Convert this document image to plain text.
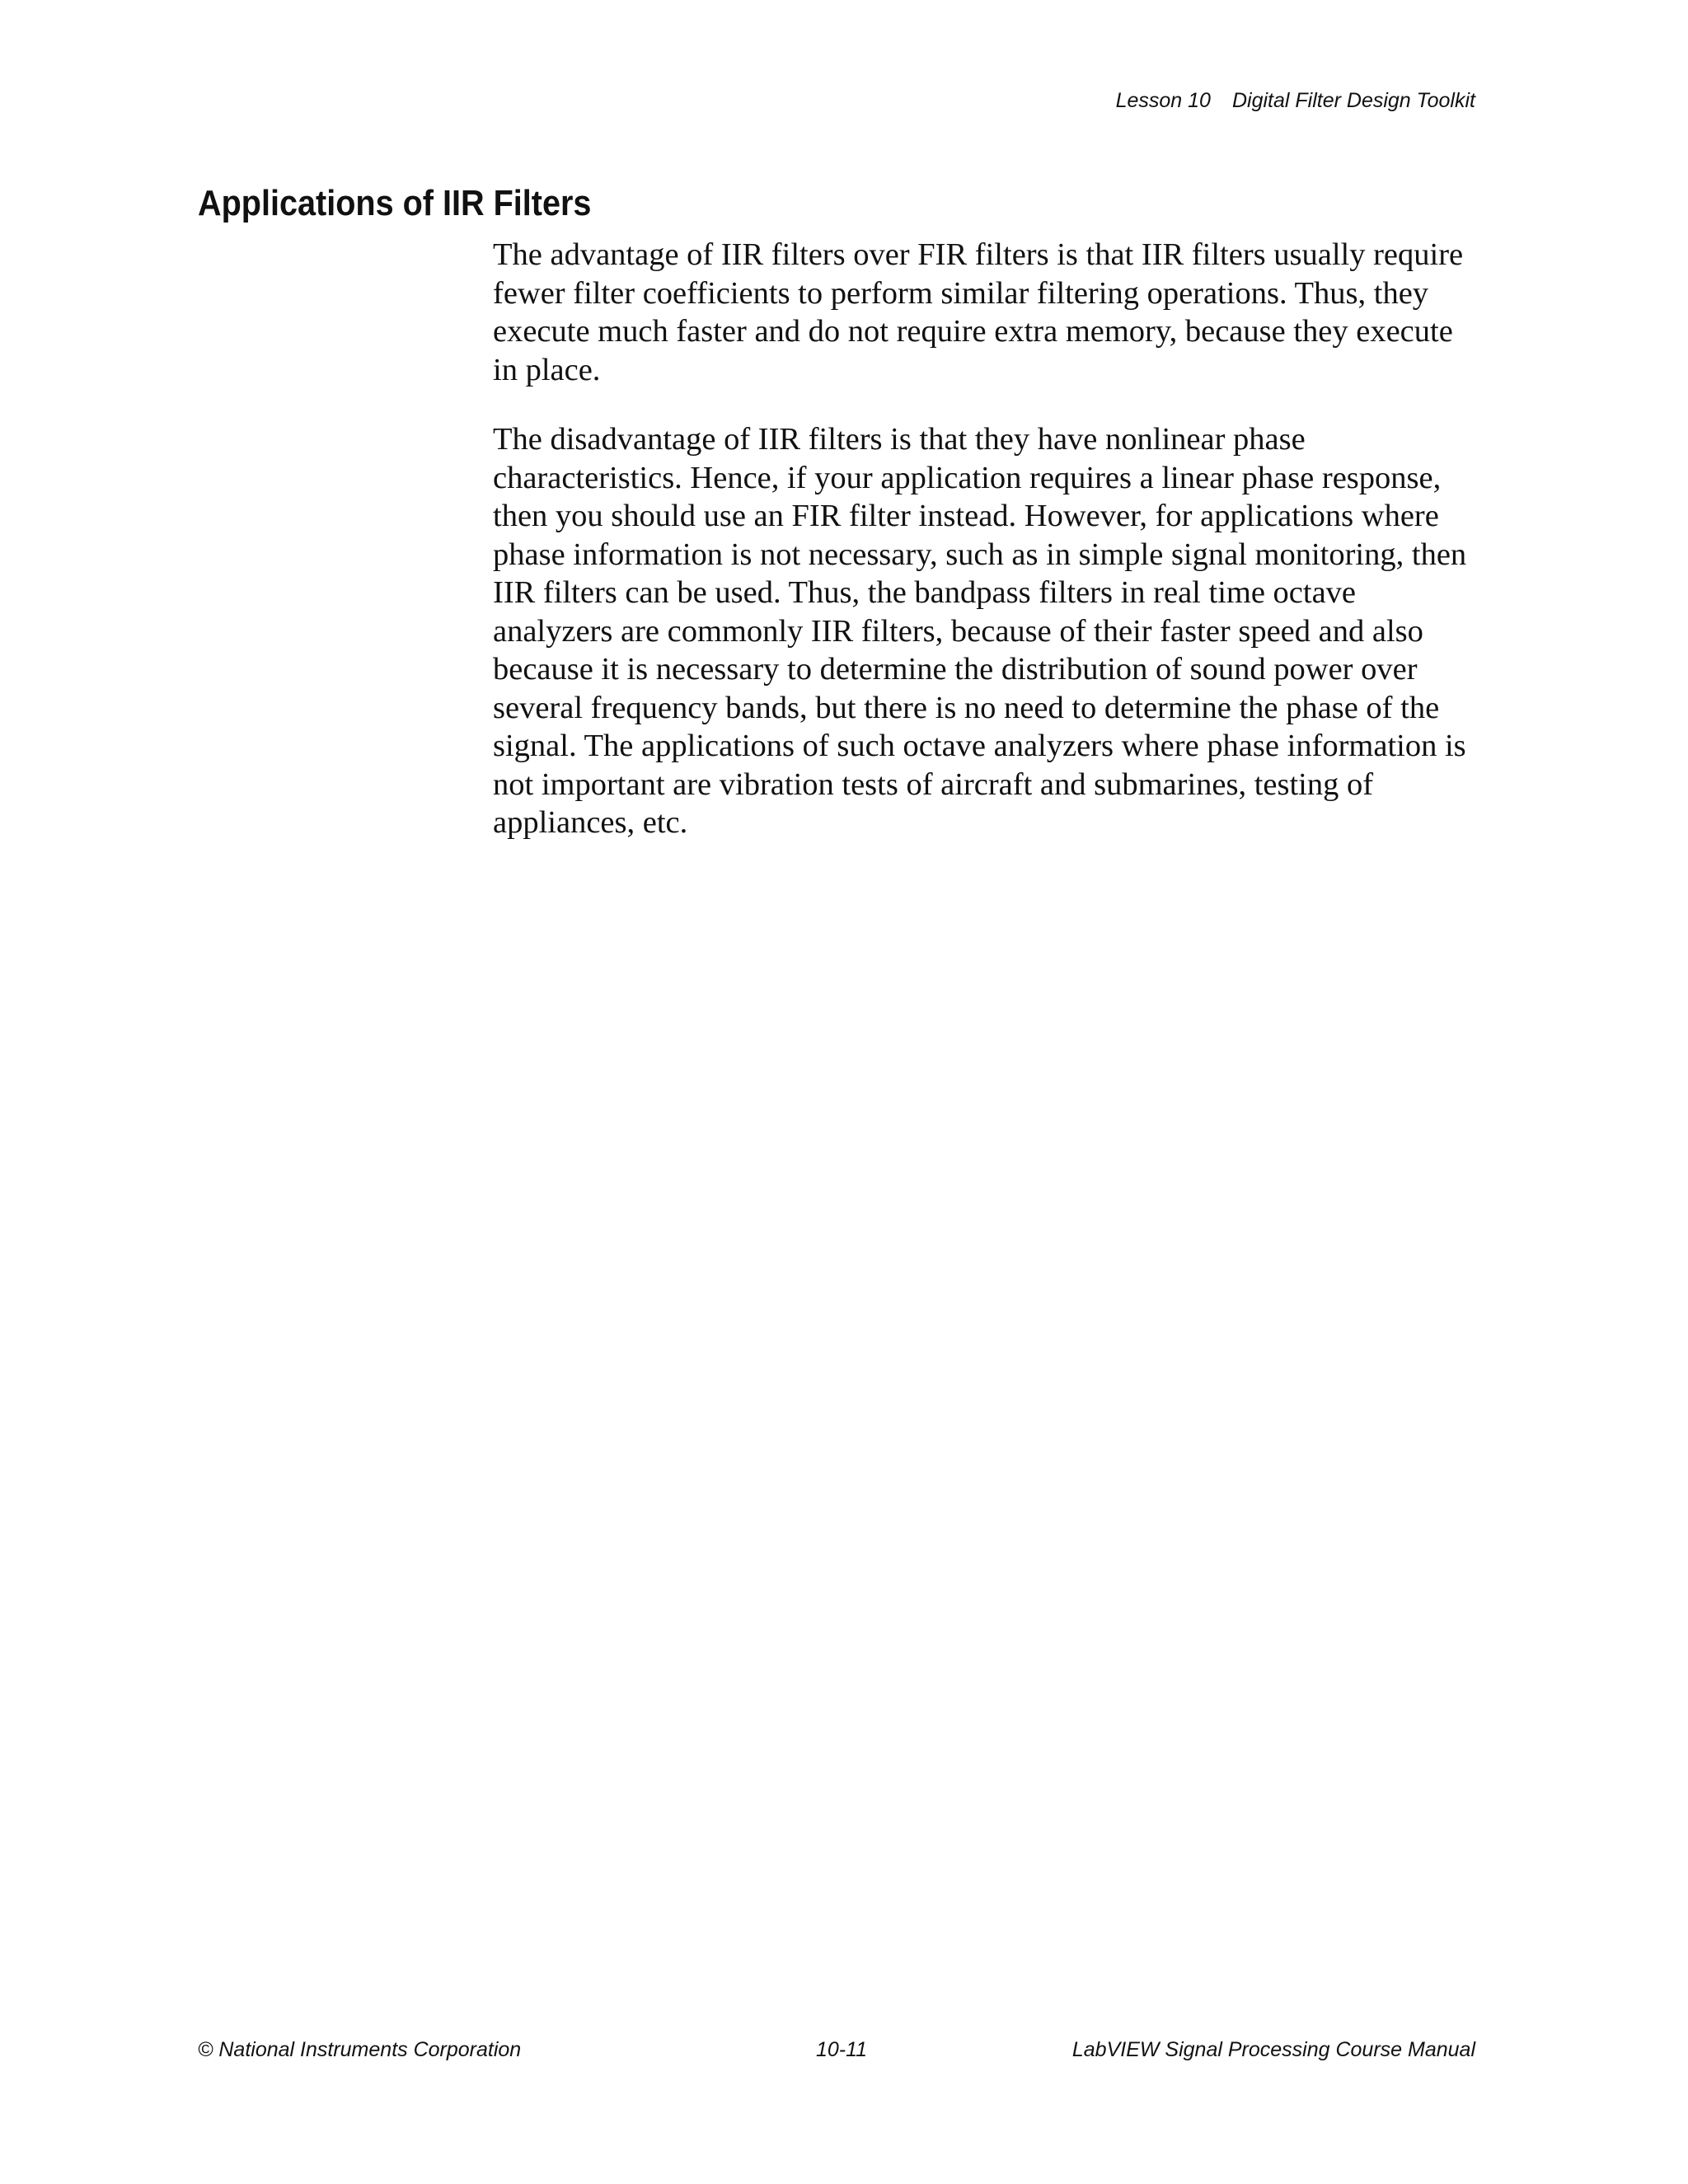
Lesson 10 Digital Filter Design Toolkit
Applications of IIR Filters

The advantage of IIR filters over FIR filters is that IIR filters usually require fewer filter coefficients to perform similar filtering operations. Thus, they execute much faster and do not require extra memory, because they execute in place.

The disadvantage of IIR filters is that they have nonlinear phase characteristics. Hence, if your application requires a linear phase response, then you should use an FIR filter instead. However, for applications where phase information is not necessary, such as in simple signal monitoring, then IIR filters can be used. Thus, the bandpass filters in real time octave analyzers are commonly IIR filters, because of their faster speed and also because it is necessary to determine the distribution of sound power over several frequency bands, but there is no need to determine the phase of the signal. The applications of such octave analyzers where phase information is not important are vibration tests of aircraft and submarines, testing of appliances, etc.

© National Instruments Corporation	10-11	LabVIEW Signal Processing Course Manual
